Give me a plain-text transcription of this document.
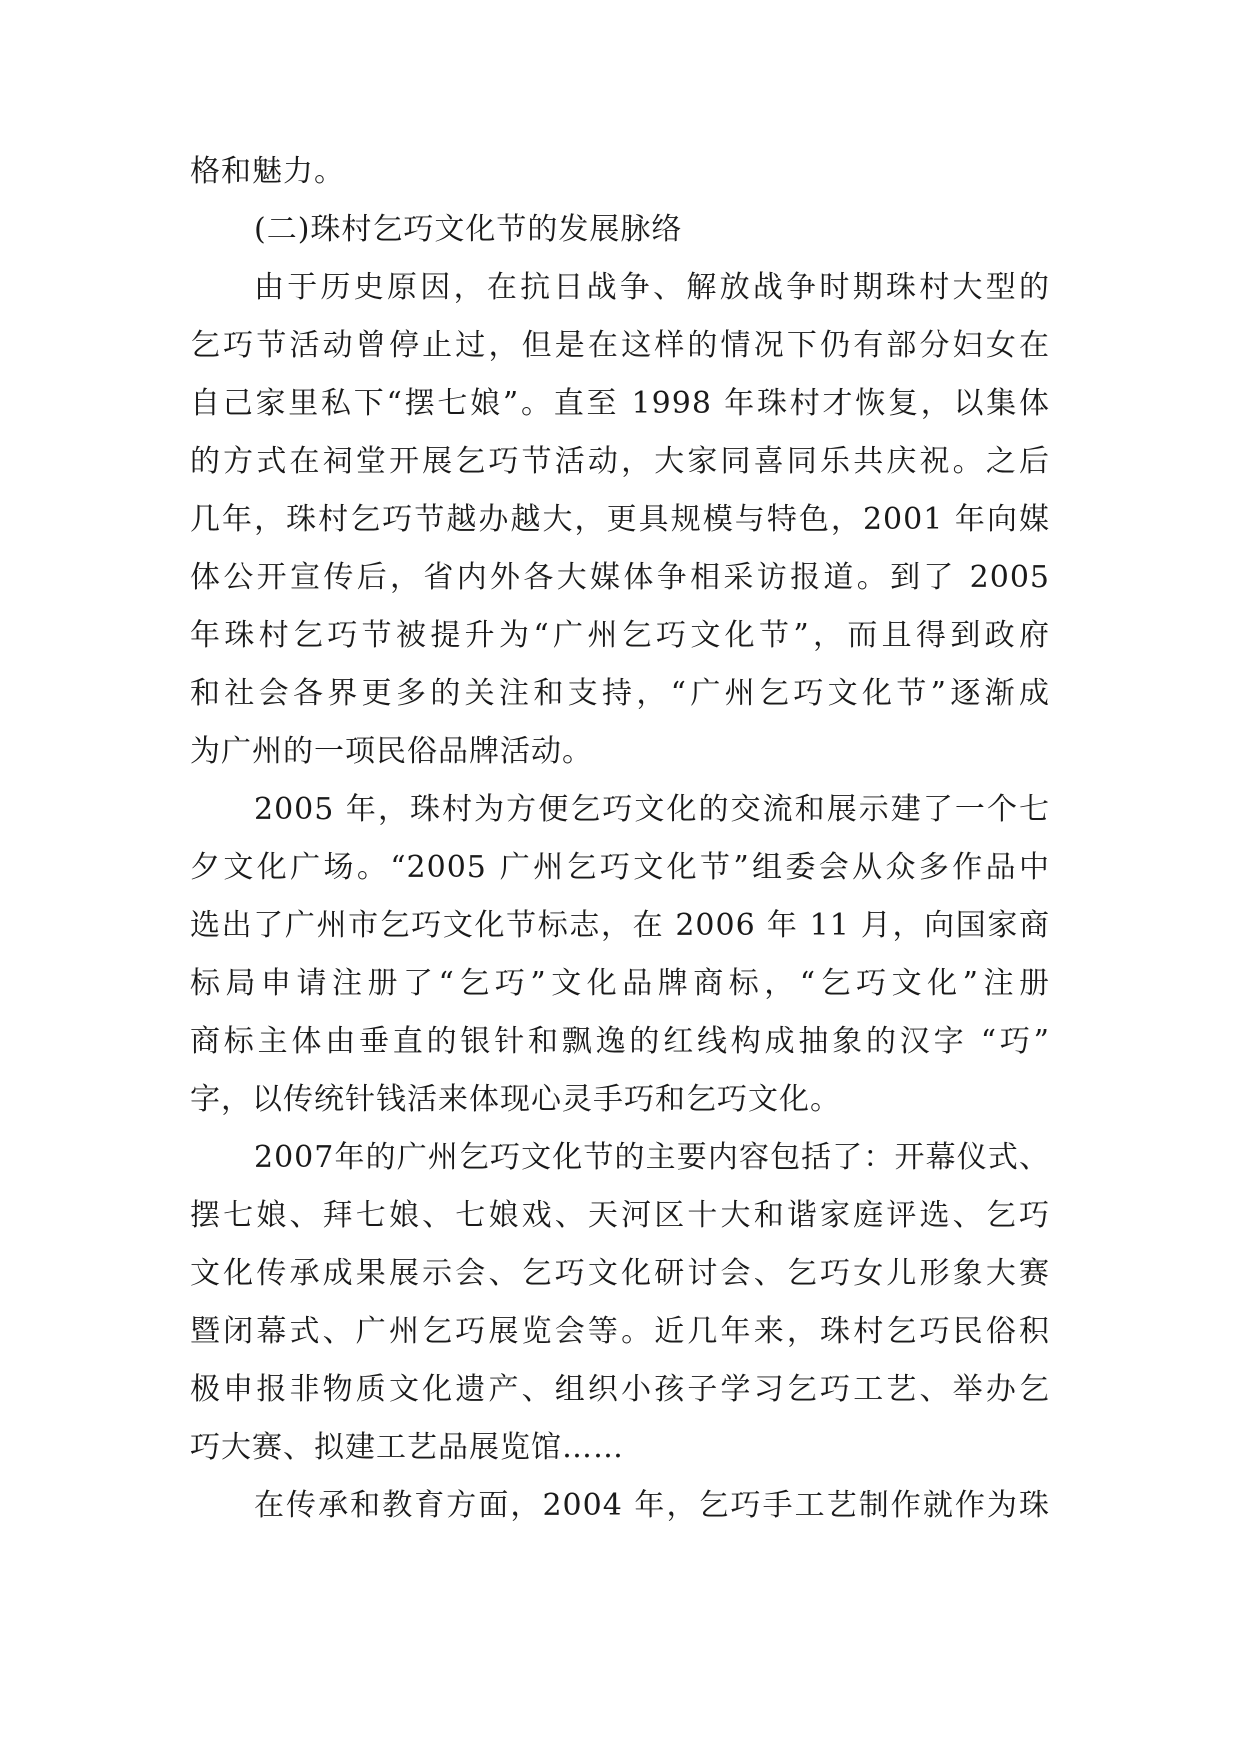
格和魅力。
(二)珠村乞巧文化节的发展脉络
由于历史原因，在抗日战争、解放战争时期珠村大型的
乞巧节活动曾停止过，但是在这样的情况下仍有部分妇女在
自己家里私下“摆七娘”。直至 1998 年珠村才恢复，以集体
的方式在祠堂开展乞巧节活动，大家同喜同乐共庆祝。之后
几年，珠村乞巧节越办越大，更具规模与特色，2001 年向媒
体公开宣传后，省内外各大媒体争相采访报道。到了 2005
年珠村乞巧节被提升为“广州乞巧文化节”，而且得到政府
和社会各界更多的关注和支持，“广州乞巧文化节”逐渐成
为广州的一项民俗品牌活动。
2005 年，珠村为方便乞巧文化的交流和展示建了一个七
夕文化广场。“2005 广州乞巧文化节”组委会从众多作品中
选出了广州市乞巧文化节标志，在 2006 年 11 月，向国家商
标局申请注册了“乞巧”文化品牌商标，“乞巧文化”注册
商标主体由垂直的银针和飘逸的红线构成抽象的汉字 “巧”
字，以传统针钱活来体现心灵手巧和乞巧文化。
2007年的广州乞巧文化节的主要内容包括了：开幕仪式、
摆七娘、拜七娘、七娘戏、天河区十大和谐家庭评选、乞巧
文化传承成果展示会、乞巧文化研讨会、乞巧女儿形象大赛
暨闭幕式、广州乞巧展览会等。近几年来，珠村乞巧民俗积
极申报非物质文化遗产、组织小孩子学习乞巧工艺、举办乞
巧大赛、拟建工艺品展览馆……
在传承和教育方面，2004 年，乞巧手工艺制作就作为珠
